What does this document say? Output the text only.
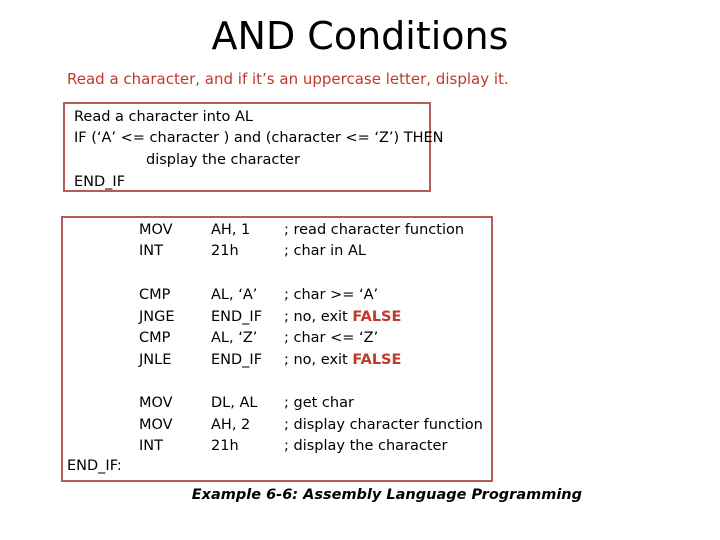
AND Conditions
Read a character, and if it’s an uppercase letter, display it.
Read a character into AL
IF (‘A’ <= character ) and (character <= ‘Z’) THEN
display the character
END_IF
MOV	AH, 1 ; read character function
INT	21h	; char in AL
CMP	AL, ‘A’ ; char >= ‘A’
JNGE	END_IF ; no, exit FALSE
CMP	AL, ‘Z’ ; char <= ‘Z’
JNLE	END_IF ; no, exit FALSE
MOV	DL, AL ; get char
MOV	AH, 2 ; display character function
INT	21h	; display the character
END_IF:
Example 6-6: Assembly Language Programming
